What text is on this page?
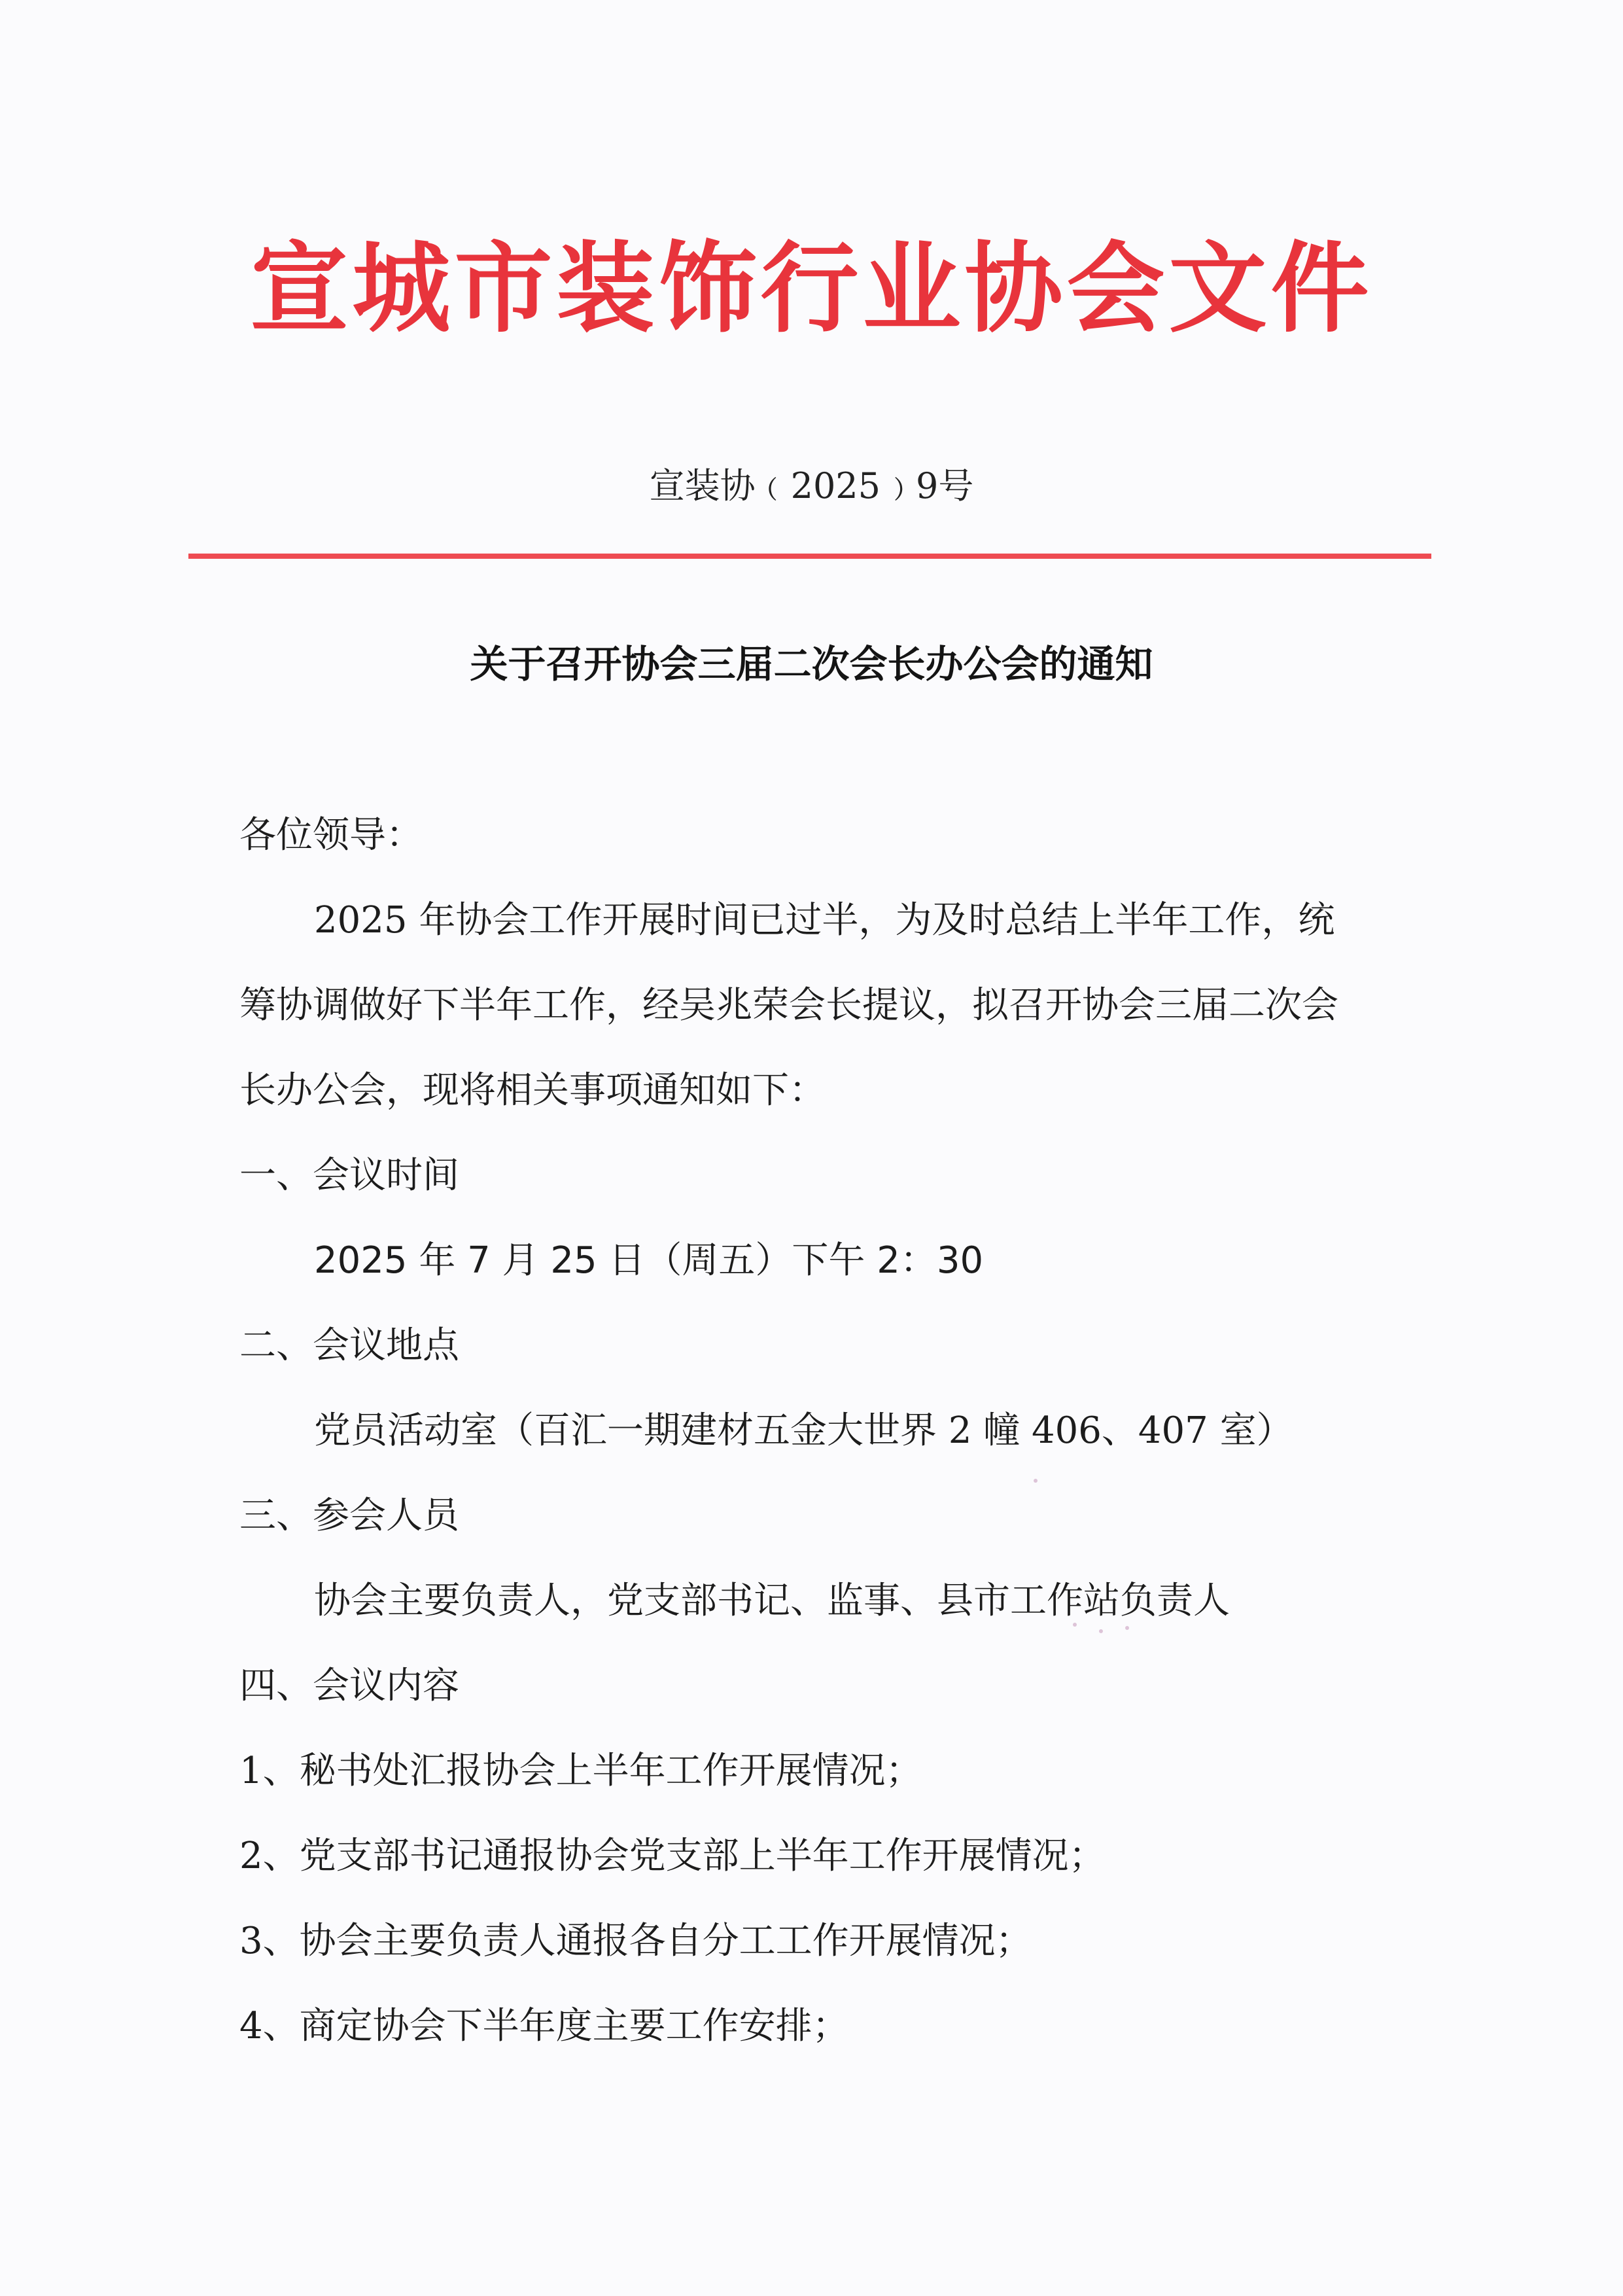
宣城市装饰行业协会文件
宣装协﹙2025﹚9号
关于召开协会三届二次会长办公会的通知
各位领导：
2025 年协会工作开展时间已过半，为及时总结上半年工作，统
筹协调做好下半年工作，经吴兆荣会长提议，拟召开协会三届二次会
长办公会，现将相关事项通知如下：
一、会议时间
2025 年 7 月 25 日（周五）下午 2：30
二、会议地点
党员活动室（百汇一期建材五金大世界 2 幢 406、407 室）
三、参会人员
协会主要负责人，党支部书记、监事、县市工作站负责人
四、会议内容
1、秘书处汇报协会上半年工作开展情况；
2、党支部书记通报协会党支部上半年工作开展情况；
3、协会主要负责人通报各自分工工作开展情况；
4、商定协会下半年度主要工作安排；
